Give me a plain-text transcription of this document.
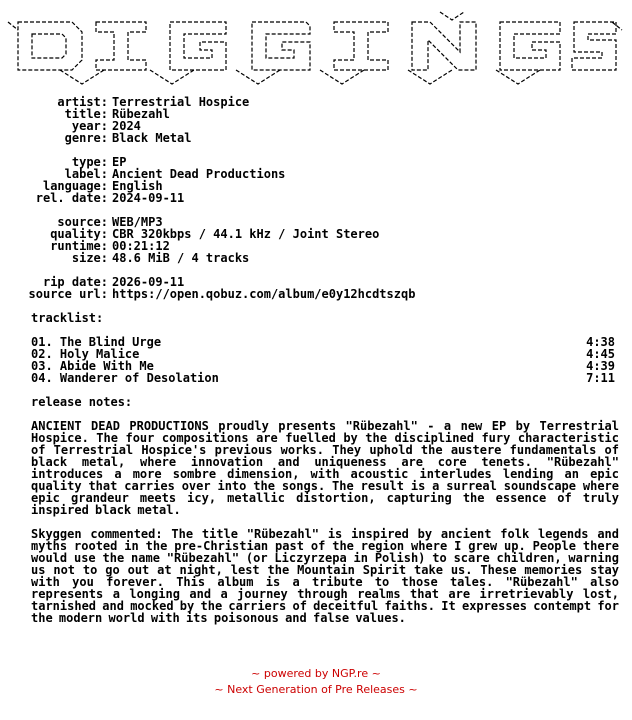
artist: Terrestrial Hospice
title: Rübezahl
year: 2024
genre: Black Metal
type: EP
label: Ancient Dead Productions
language: English
rel. date: 2024-09-11
source: WEB/MP3
quality: CBR 320kbps / 44.1 kHz / Joint Stereo
runtime: 00:21:12
size: 48.6 MiB / 4 tracks
rip date: 2026-09-11
source url: https://open.qobuz.com/album/e0y12hcdtszqb
tracklist:
01. The Blind Urge	4:38
02. Holy Malice	4:45
03. Abide With Me	4:39
04. Wanderer of Desolation	7:11
release notes:
ANCIENT DEAD PRODUCTIONS proudly presents "Rübezahl" - a new EP by Terrestrial Hospice. The four compositions are fuelled by the disciplined fury characteristic of Terrestrial Hospice's previous works. They uphold the austere fundamentals of black metal, where innovation and uniqueness are core tenets. "Rübezahl" introduces a more sombre dimension, with acoustic interludes lending an epic quality that carries over into the songs. The result is a surreal soundscape where epic grandeur meets icy, metallic distortion, capturing the essence of truly inspired black metal.
Skyggen commented: The title "Rübezahl" is inspired by ancient folk legends and myths rooted in the pre-Christian past of the region where I grew up. People there would use the name "Rübezahl" (or Liczyrzepa in Polish) to scare children, warning us not to go out at night, lest the Mountain Spirit take us. These memories stay with you forever. This album is a tribute to those tales. "Rübezahl" also represents a longing and a journey through realms that are irretrievably lost, tarnished and mocked by the carriers of deceitful faiths. It expresses contempt for the modern world with its poisonous and false values.
~ powered by NGP.re ~
~ Next Generation of Pre Releases ~
